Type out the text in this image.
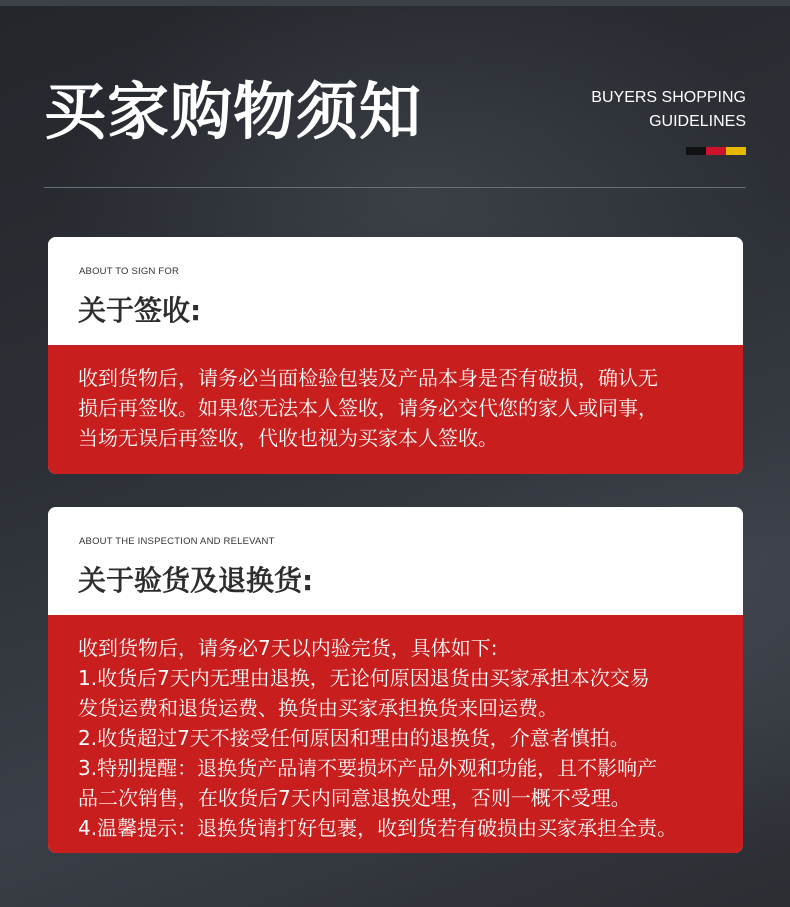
买家购物须知	BUYERS SHOPPING
GUIDELINES
ABOUT TO SIGN FOR
关于签收:

收到货物后，请务必当面检验包装及产品本身是否有破损，确认无

损后再签收。如果您无法本人签收，请务必交代您的家人或同事，

当场无误后再签收，代收也视为买家本人签收。

ABOUT THE INSPECTION AND RELEVANT
关于验货及退换货:

收到货物后，请务必7天以内验完货，具体如下:

1.收货后7天内无理由退换，无论何原因退货由买家承担本次交易

发货运费和退货运费、换货由买家承担换货来回运费。

2.收货超过7天不接受任何原因和理由的退换货，介意者慎拍。

3.特别提醒：退换货产品请不要损坏产品外观和功能，且不影响产

品二次销售，在收货后7天内同意退换处理，否则一概不受理。

4.温馨提示：退换货请打好包裹，收到货若有破损由买家承担全责。
